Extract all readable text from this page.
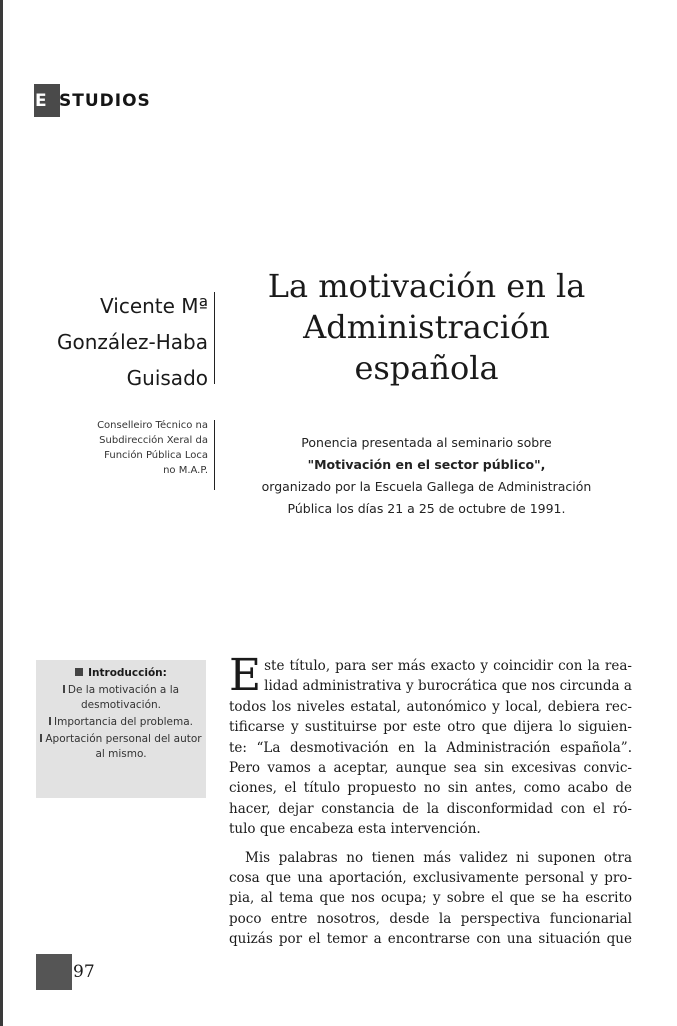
E STUDIOS
Vicente Mª
González-Haba
Guisado
Conselleiro Técnico na
Subdirección Xeral da
Función Pública Loca
no M.A.P.
La motivación en la
Administración
española
Ponencia presentada al seminario sobre
"Motivación en el sector público",
organizado por la Escuela Gallega de Administración
Pública los días 21 a 25 de octubre de 1991.
Introducción:
De la motivación a la desmotivación.
Importancia del problema.
Aportación personal del autor al mismo.
E ste título, para ser más exacto y coincidir con la rea-
lidad administrativa y burocrática que nos circunda a
todos los niveles estatal, autonómico y local, debiera rec-
tificarse y sustituirse por este otro que dijera lo siguien-
te: “La desmotivación en la Administración española”.
Pero vamos a aceptar, aunque sea sin excesivas convic-
ciones, el título propuesto no sin antes, como acabo de
hacer, dejar constancia de la disconformidad con el ró-
tulo que encabeza esta intervención.
Mis palabras no tienen más validez ni suponen otra
cosa que una aportación, exclusivamente personal y pro-
pia, al tema que nos ocupa; y sobre el que se ha escrito
poco entre nosotros, desde la perspectiva funcionarial
quizás por el temor a encontrarse con una situación que
97
